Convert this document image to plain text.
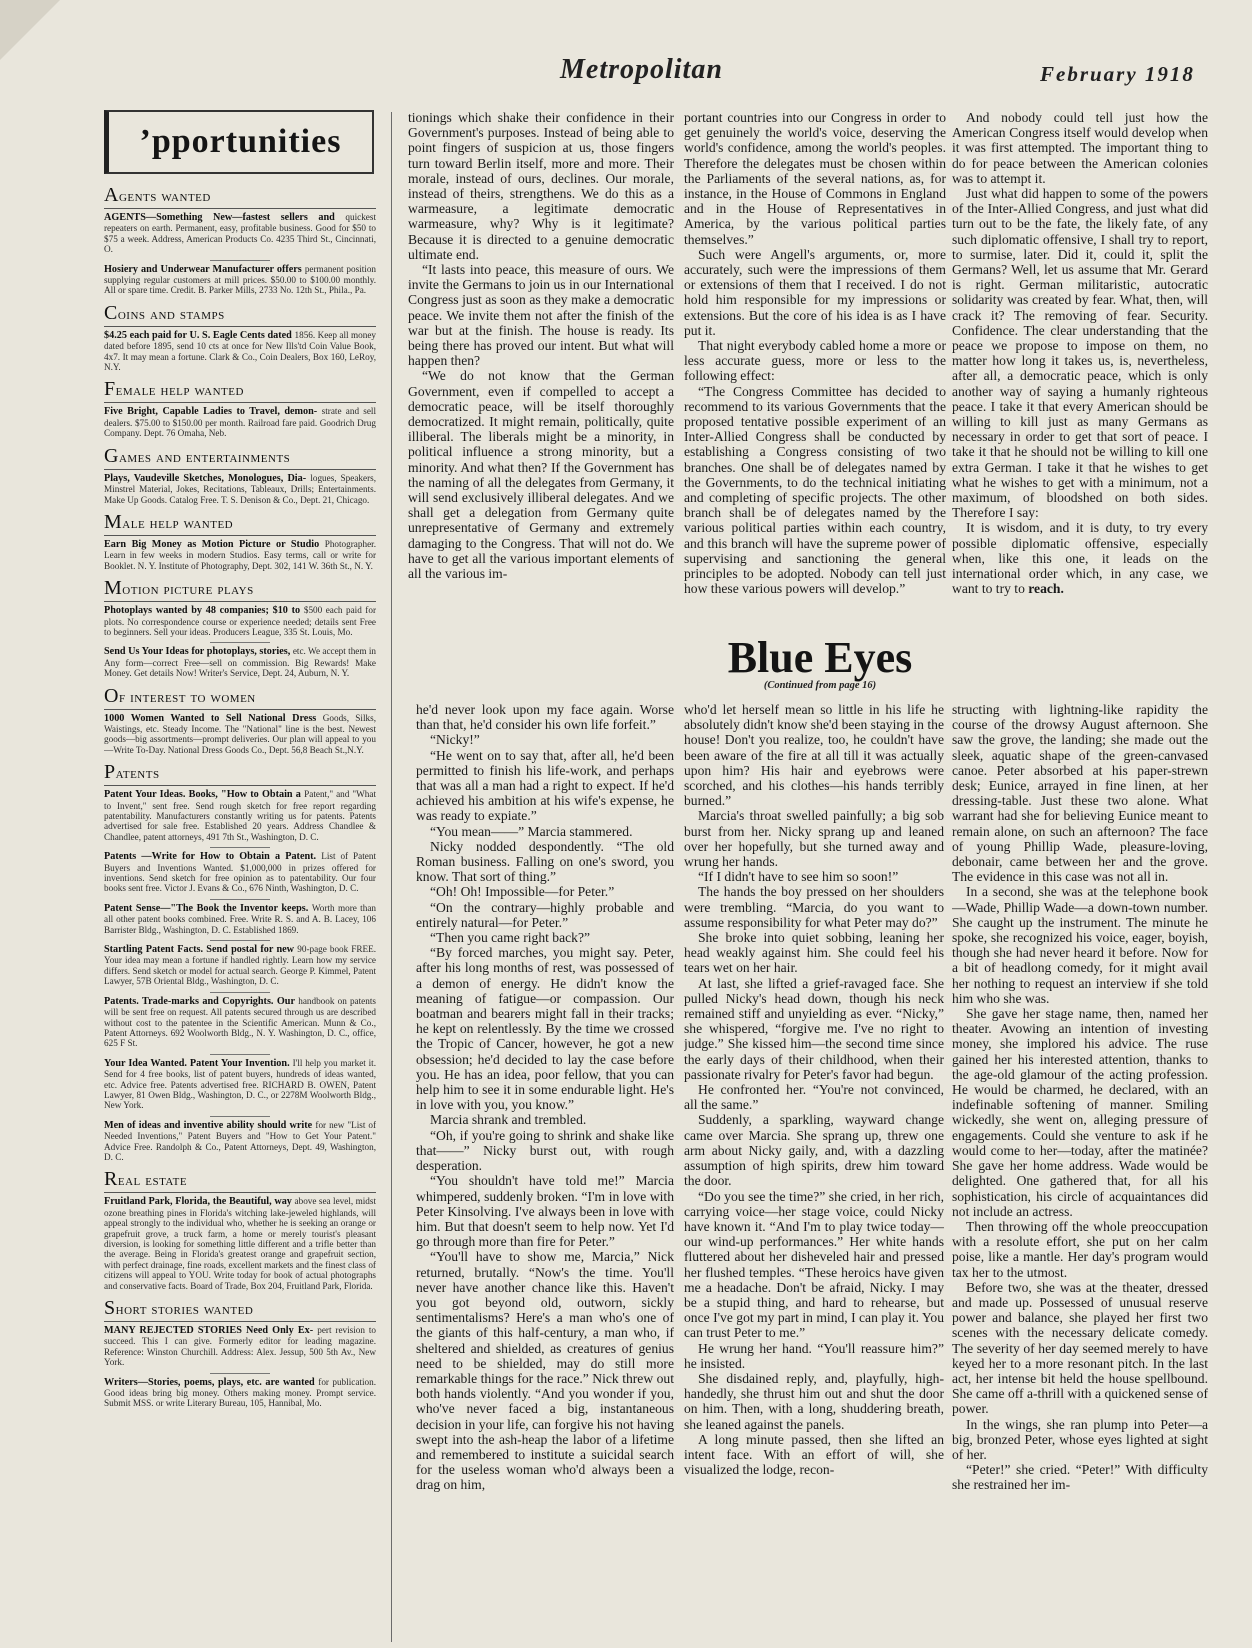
Metropolitan	February 1918
’pportunities
Agents wanted
AGENTS—Something New—fastest sellers and quickest repeaters on earth. Permanent, easy, profitable business. Good for $50 to $75 a week. Address, American Products Co. 4235 Third St., Cincinnati, O.
Hosiery and Underwear Manufacturer offers permanent position supplying regular customers at mill prices. $50.00 to $100.00 monthly. All or spare time. Credit. B. Parker Mills, 2733 No. 12th St., Phila., Pa.
Coins and stamps
$4.25 each paid for U. S. Eagle Cents dated 1856. Keep all money dated before 1895, send 10 cts at once for New Ills'td Coin Value Book, 4x7. It may mean a fortune. Clark & Co., Coin Dealers, Box 160, LeRoy, N.Y.
Female help wanted
Five Bright, Capable Ladies to Travel, demon- strate and sell dealers. $75.00 to $150.00 per month. Railroad fare paid. Goodrich Drug Company. Dept. 76 Omaha, Neb.
Games and entertainments
Plays, Vaudeville Sketches, Monologues, Dia- logues, Speakers, Minstrel Material, Jokes, Recitations, Tableaux, Drills; Entertainments. Make Up Goods. Catalog Free. T. S. Denison & Co., Dept. 21, Chicago.
Male help wanted
Earn Big Money as Motion Picture or Studio Photographer. Learn in few weeks in modern Studios. Easy terms, call or write for Booklet. N. Y. Institute of Photography, Dept. 302, 141 W. 36th St., N. Y.
Motion picture plays
Photoplays wanted by 48 companies; $10 to $500 each paid for plots. No correspondence course or experience needed; details sent Free to beginners. Sell your ideas. Producers League, 335 St. Louis, Mo.
Send Us Your Ideas for photoplays, stories, etc. We accept them in Any form—correct Free—sell on commission. Big Rewards! Make Money. Get details Now! Writer's Service, Dept. 24, Auburn, N. Y.
Of interest to women
1000 Women Wanted to Sell National Dress Goods, Silks, Waistings, etc. Steady Income. The "National" line is the best. Newest goods—big assortments—prompt deliveries. Our plan will appeal to you—Write To-Day. National Dress Goods Co., Dept. 56,8 Beach St.,N.Y.
Patents
Patent Your Ideas. Books, "How to Obtain a Patent," and "What to Invent," sent free. Send rough sketch for free report regarding patentability. Manufacturers constantly writing us for patents. Patents advertised for sale free. Established 20 years. Address Chandlee & Chandlee, patent attorneys, 491 7th St., Washington, D. C.
Patents —Write for How to Obtain a Patent. List of Patent Buyers and Inventions Wanted. $1,000,000 in prizes offered for inventions. Send sketch for free opinion as to patentability. Our four books sent free. Victor J. Evans & Co., 676 Ninth, Washington, D. C.
Patent Sense—"The Book the Inventor keeps. Worth more than all other patent books combined. Free. Write R. S. and A. B. Lacey, 106 Barrister Bldg., Washington, D. C. Established 1869.
Startling Patent Facts. Send postal for new 90-page book FREE. Your idea may mean a fortune if handled rightly. Learn how my service differs. Send sketch or model for actual search. George P. Kimmel, Patent Lawyer, 57B Oriental Bldg., Washington, D. C.
Patents. Trade-marks and Copyrights. Our handbook on patents will be sent free on request. All patents secured through us are described without cost to the patentee in the Scientific American. Munn & Co., Patent Attorneys. 692 Woolworth Bldg., N. Y. Washington, D. C., office, 625 F St.
Your Idea Wanted. Patent Your Invention. I'll help you market it. Send for 4 free books, list of patent buyers, hundreds of ideas wanted, etc. Advice free. Patents advertised free. RICHARD B. OWEN, Patent Lawyer, 81 Owen Bldg., Washington, D. C., or 2278M Woolworth Bldg., New York.
Men of ideas and inventive ability should write for new "List of Needed Inventions," Patent Buyers and "How to Get Your Patent." Advice Free. Randolph & Co., Patent Attorneys, Dept. 49, Washington, D. C.
Real estate
Fruitland Park, Florida, the Beautiful, way above sea level, midst ozone breathing pines in Florida's witching lake-jeweled highlands, will appeal strongly to the individual who, whether he is seeking an orange or grapefruit grove, a truck farm, a home or merely tourist's pleasant diversion, is looking for something little different and a trifle better than the average. Being in Florida's greatest orange and grapefruit section, with perfect drainage, fine roads, excellent markets and the finest class of citizens will appeal to YOU. Write today for book of actual photographs and conservative facts. Board of Trade, Box 204, Fruitland Park, Florida.
Short stories wanted
MANY REJECTED STORIES Need Only Ex- pert revision to succeed. This I can give. Formerly editor for leading magazine. Reference: Winston Churchill. Address: Alex. Jessup, 500 5th Av., New York.
Writers—Stories, poems, plays, etc. are wanted for publication. Good ideas bring big money. Others making money. Prompt service. Submit MSS. or write Literary Bureau, 105, Hannibal, Mo.

tionings which shake their confidence in their Government's purposes. Instead of being able to point fingers of suspicion at us, those fingers turn toward Berlin itself, more and more. Their morale, instead of ours, declines. Our morale, instead of theirs, strengthens. We do this as a warmeasure, a legitimate democratic warmeasure, why? Why is it legitimate? Because it is directed to a genuine democratic ultimate end.

“It lasts into peace, this measure of ours. We invite the Germans to join us in our International Congress just as soon as they make a democratic peace. We invite them not after the finish of the war but at the finish. The house is ready. Its being there has proved our intent. But what will happen then?

“We do not know that the German Government, even if compelled to accept a democratic peace, will be itself thoroughly democratized. It might remain, politically, quite illiberal. The liberals might be a minority, in political influence a strong minority, but a minority. And what then? If the Government has the naming of all the delegates from Germany, it will send exclusively illiberal delegates. And we shall get a delegation from Germany quite unrepresentative of Germany and extremely damaging to the Congress. That will not do. We have to get all the various important elements of all the various im-

portant countries into our Congress in order to get genuinely the world's voice, deserving the world's confidence, among the world's peoples. Therefore the delegates must be chosen within the Parliaments of the several nations, as, for instance, in the House of Commons in England and in the House of Representatives in America, by the various political parties themselves.”

Such were Angell's arguments, or, more accurately, such were the impressions of them or extensions of them that I received. I do not hold him responsible for my impressions or extensions. But the core of his idea is as I have put it.

That night everybody cabled home a more or less accurate guess, more or less to the following effect:

“The Congress Committee has decided to recommend to its various Governments that the proposed tentative possible experiment of an Inter-Allied Congress shall be conducted by establishing a Congress consisting of two branches. One shall be of delegates named by the Governments, to do the technical initiating and completing of specific projects. The other branch shall be of delegates named by the various political parties within each country, and this branch will have the supreme power of supervising and sanctioning the general principles to be adopted. Nobody can tell just how these various powers will develop.”

And nobody could tell just how the American Congress itself would develop when it was first attempted. The important thing to do for peace between the American colonies was to attempt it.

Just what did happen to some of the powers of the Inter-Allied Congress, and just what did turn out to be the fate, the likely fate, of any such diplomatic offensive, I shall try to report, to surmise, later. Did it, could it, split the Germans? Well, let us assume that Mr. Gerard is right. German militaristic, autocratic solidarity was created by fear. What, then, will crack it? The removing of fear. Security. Confidence. The clear understanding that the peace we propose to impose on them, no matter how long it takes us, is, nevertheless, after all, a democratic peace, which is only another way of saying a humanly righteous peace. I take it that every American should be willing to kill just as many Germans as necessary in order to get that sort of peace. I take it that he should not be willing to kill one extra German. I take it that he wishes to get what he wishes to get with a minimum, not a maximum, of bloodshed on both sides. Therefore I say:

It is wisdom, and it is duty, to try every possible diplomatic offensive, especially when, like this one, it leads on the international order which, in any case, we want to try to reach.

Blue Eyes
(Continued from page 16)

he'd never look upon my face again. Worse than that, he'd consider his own life forfeit.”

“Nicky!”

“He went on to say that, after all, he'd been permitted to finish his life-work, and perhaps that was all a man had a right to expect. If he'd achieved his ambition at his wife's expense, he was ready to expiate.”

“You mean——” Marcia stammered.

Nicky nodded despondently. “The old Roman business. Falling on one's sword, you know. That sort of thing.”

“Oh! Oh! Impossible—for Peter.”

“On the contrary—highly probable and entirely natural—for Peter.”

“Then you came right back?”

“By forced marches, you might say. Peter, after his long months of rest, was possessed of a demon of energy. He didn't know the meaning of fatigue—or compassion. Our boatman and bearers might fall in their tracks; he kept on relentlessly. By the time we crossed the Tropic of Cancer, however, he got a new obsession; he'd decided to lay the case before you. He has an idea, poor fellow, that you can help him to see it in some endurable light. He's in love with you, you know.”

Marcia shrank and trembled.

“Oh, if you're going to shrink and shake like that——” Nicky burst out, with rough desperation.

“You shouldn't have told me!” Marcia whimpered, suddenly broken. “I'm in love with Peter Kinsolving. I've always been in love with him. But that doesn't seem to help now. Yet I'd go through more than fire for Peter.”

“You'll have to show me, Marcia,” Nick returned, brutally. “Now's the time. You'll never have another chance like this. Haven't you got beyond old, outworn, sickly sentimentalisms? Here's a man who's one of the giants of this half-century, a man who, if sheltered and shielded, as creatures of genius need to be shielded, may do still more remarkable things for the race.” Nick threw out both hands violently. “And you wonder if you, who've never faced a big, instantaneous decision in your life, can forgive his not having swept into the ash-heap the labor of a lifetime and remembered to institute a suicidal search for the useless woman who'd always been a drag on him,

who'd let herself mean so little in his life he absolutely didn't know she'd been staying in the house! Don't you realize, too, he couldn't have been aware of the fire at all till it was actually upon him? His hair and eyebrows were scorched, and his clothes—his hands terribly burned.”

Marcia's throat swelled painfully; a big sob burst from her. Nicky sprang up and leaned over her hopefully, but she turned away and wrung her hands.

“If I didn't have to see him so soon!”

The hands the boy pressed on her shoulders were trembling. “Marcia, do you want to assume responsibility for what Peter may do?”

She broke into quiet sobbing, leaning her head weakly against him. She could feel his tears wet on her hair.

At last, she lifted a grief-ravaged face. She pulled Nicky's head down, though his neck remained stiff and unyielding as ever. “Nicky,” she whispered, “forgive me. I've no right to judge.” She kissed him—the second time since the early days of their childhood, when their passionate rivalry for Peter's favor had begun.

He confronted her. “You're not convinced, all the same.”

Suddenly, a sparkling, wayward change came over Marcia. She sprang up, threw one arm about Nicky gaily, and, with a dazzling assumption of high spirits, drew him toward the door.

“Do you see the time?” she cried, in her rich, carrying voice—her stage voice, could Nicky have known it. “And I'm to play twice today—our wind-up performances.” Her white hands fluttered about her disheveled hair and pressed her flushed temples. “These heroics have given me a headache. Don't be afraid, Nicky. I may be a stupid thing, and hard to rehearse, but once I've got my part in mind, I can play it. You can trust Peter to me.”

He wrung her hand. “You'll reassure him?” he insisted.

She disdained reply, and, playfully, high-handedly, she thrust him out and shut the door on him. Then, with a long, shuddering breath, she leaned against the panels.

A long minute passed, then she lifted an intent face. With an effort of will, she visualized the lodge, recon-

structing with lightning-like rapidity the course of the drowsy August afternoon. She saw the grove, the landing; she made out the sleek, aquatic shape of the green-canvased canoe. Peter absorbed at his paper-strewn desk; Eunice, arrayed in fine linen, at her dressing-table. Just these two alone. What warrant had she for believing Eunice meant to remain alone, on such an afternoon? The face of young Phillip Wade, pleasure-loving, debonair, came between her and the grove. The evidence in this case was not all in.

In a second, she was at the telephone book—Wade, Phillip Wade—a down-town number. She caught up the instrument. The minute he spoke, she recognized his voice, eager, boyish, though she had never heard it before. Now for a bit of headlong comedy, for it might avail her nothing to request an interview if she told him who she was.

She gave her stage name, then, named her theater. Avowing an intention of investing money, she implored his advice. The ruse gained her his interested attention, thanks to the age-old glamour of the acting profession. He would be charmed, he declared, with an indefinable softening of manner. Smiling wickedly, she went on, alleging pressure of engagements. Could she venture to ask if he would come to her—today, after the matinée? She gave her home address. Wade would be delighted. One gathered that, for all his sophistication, his circle of acquaintances did not include an actress.

Then throwing off the whole preoccupation with a resolute effort, she put on her calm poise, like a mantle. Her day's program would tax her to the utmost.

Before two, she was at the theater, dressed and made up. Possessed of unusual reserve power and balance, she played her first two scenes with the necessary delicate comedy. The severity of her day seemed merely to have keyed her to a more resonant pitch. In the last act, her intense bit held the house spellbound. She came off a-thrill with a quickened sense of power.

In the wings, she ran plump into Peter—a big, bronzed Peter, whose eyes lighted at sight of her.

“Peter!” she cried. “Peter!” With difficulty she restrained her im-
